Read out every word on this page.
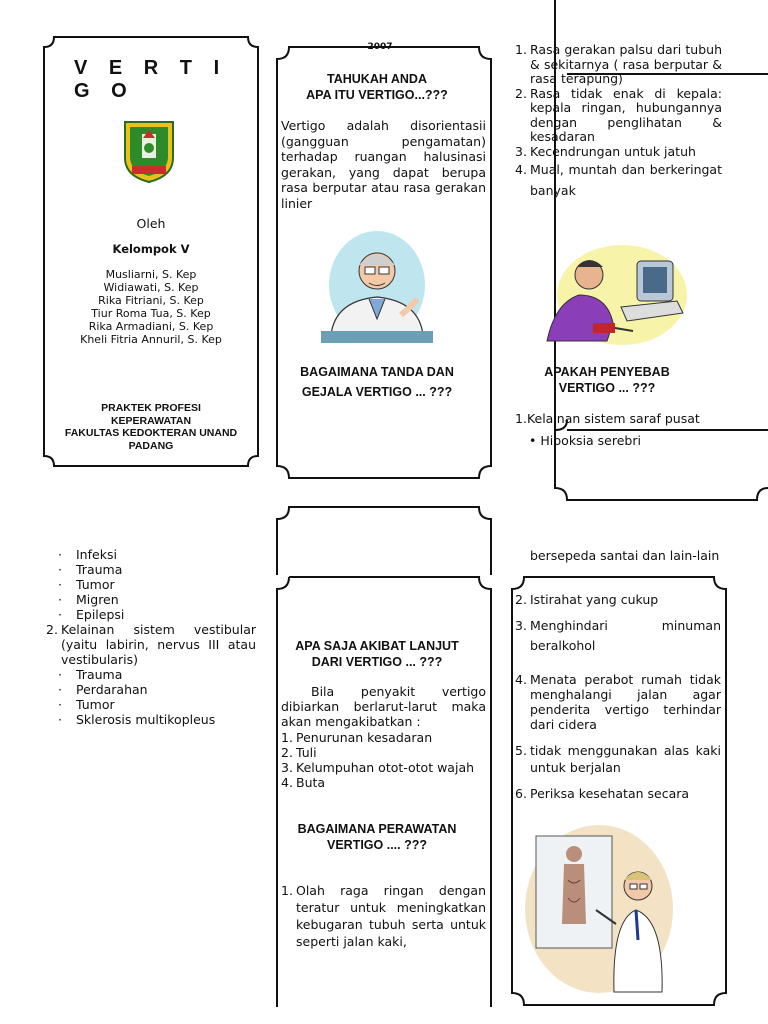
V E R T I G O
Oleh
Kelompok V
Musliarni, S. Kep
Widiawati, S. Kep
Rika Fitriani, S. Kep
Tiur Roma Tua, S. Kep
Rika Armadiani, S. Kep
Kheli Fitria Annuril, S. Kep
PRAKTEK PROFESI
KEPERAWATAN
FAKULTAS KEDOKTERAN UNAND
PADANG
2007
TAHUKAH ANDA
APA ITU VERTIGO...???
Vertigo adalah disorientasii (gangguan pengamatan) terhadap ruangan halusinasi gerakan, yang dapat berupa rasa berputar atau rasa gerakan linier
BAGAIMANA TANDA DAN
GEJALA VERTIGO ... ???
Rasa gerakan palsu dari tubuh & sekitarnya ( rasa berputar & rasa terapung)
Rasa tidak enak di kepala: kepala ringan, hubungannya dengan penglihatan & kesadaran
Kecendrungan untuk jatuh
Mual, muntah dan berkeringat banyak
APAKAH PENYEBAB
VERTIGO ... ???
1.Kelainan sistem saraf pusat
• Hipoksia serebri
· Infeksi
· Trauma
· Tumor
· Migren
· Epilepsi
2. Kelainan sistem vestibular (yaitu labirin, nervus III atau vestibularis)
· Trauma
· Perdarahan
· Tumor
· Sklerosis multikopleus
APA SAJA AKIBAT LANJUT
DARI VERTIGO ... ???
Bila penyakit vertigo dibiarkan berlarut-larut maka akan mengakibatkan :
Penurunan kesadaran
Tuli
Kelumpuhan otot-otot wajah
Buta
BAGAIMANA PERAWATAN
VERTIGO .... ???
Olah raga ringan dengan teratur untuk meningkatkan kebugaran tubuh serta untuk seperti jalan kaki,
bersepeda santai dan lain-lain
2. Istirahat yang cukup
3. Menghindari minuman beralkohol
4. Menata perabot rumah tidak menghalangi jalan agar penderita vertigo terhindar dari cidera
5. tidak menggunakan alas kaki untuk berjalan
6. Periksa kesehatan secara
